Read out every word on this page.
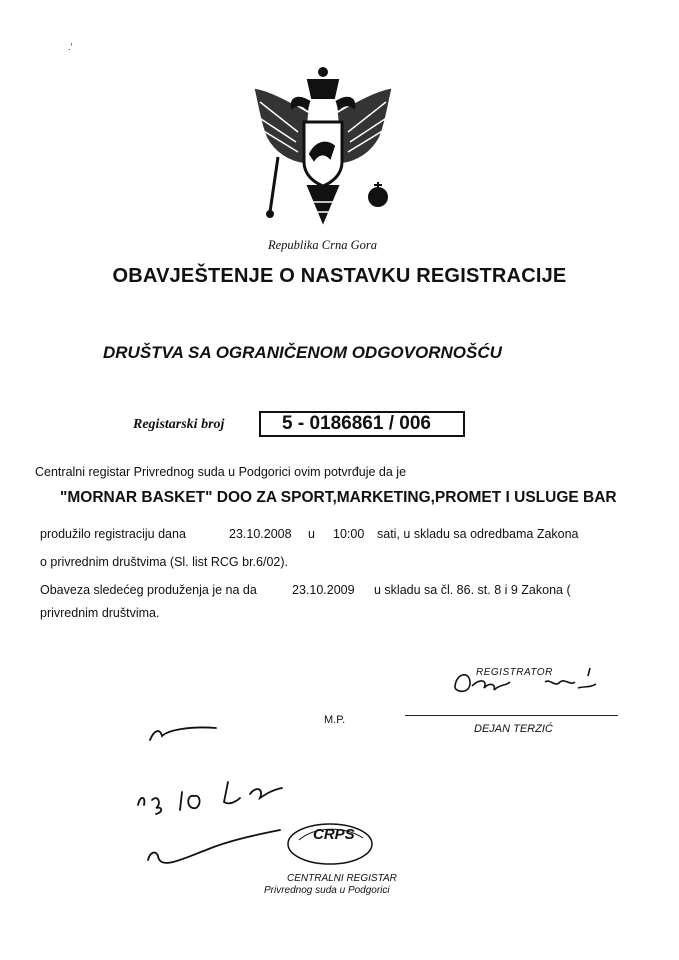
.’
Republika Crna Gora
OBAVJEŠTENJE O NASTAVKU REGISTRACIJE
DRUŠTVA SA OGRANIČENOM ODGOVORNOŠĆU
Registarski broj	5 - 0186861 / 006
Centralni registar Privrednog suda u Podgorici ovim potvrđuje da je
"MORNAR BASKET" DOO ZA SPORT,MARKETING,PROMET I USLUGE BAR
produžilo registraciju dana	23.10.2008 u 10:00 sati, u skladu sa odredbama Zakona
o privrednim društvima (Sl. list RCG br.6/02).
Obaveza sledećeg produženja je na da	23.10.2009 u skladu sa čl. 86. st. 8 i 9 Zakona (
privrednim društvima.
REGISTRATOR
M.P.
DEJAN TERZIĆ
CRPS
CENTRALNI REGISTAR
Privrednog suda u Podgorici
